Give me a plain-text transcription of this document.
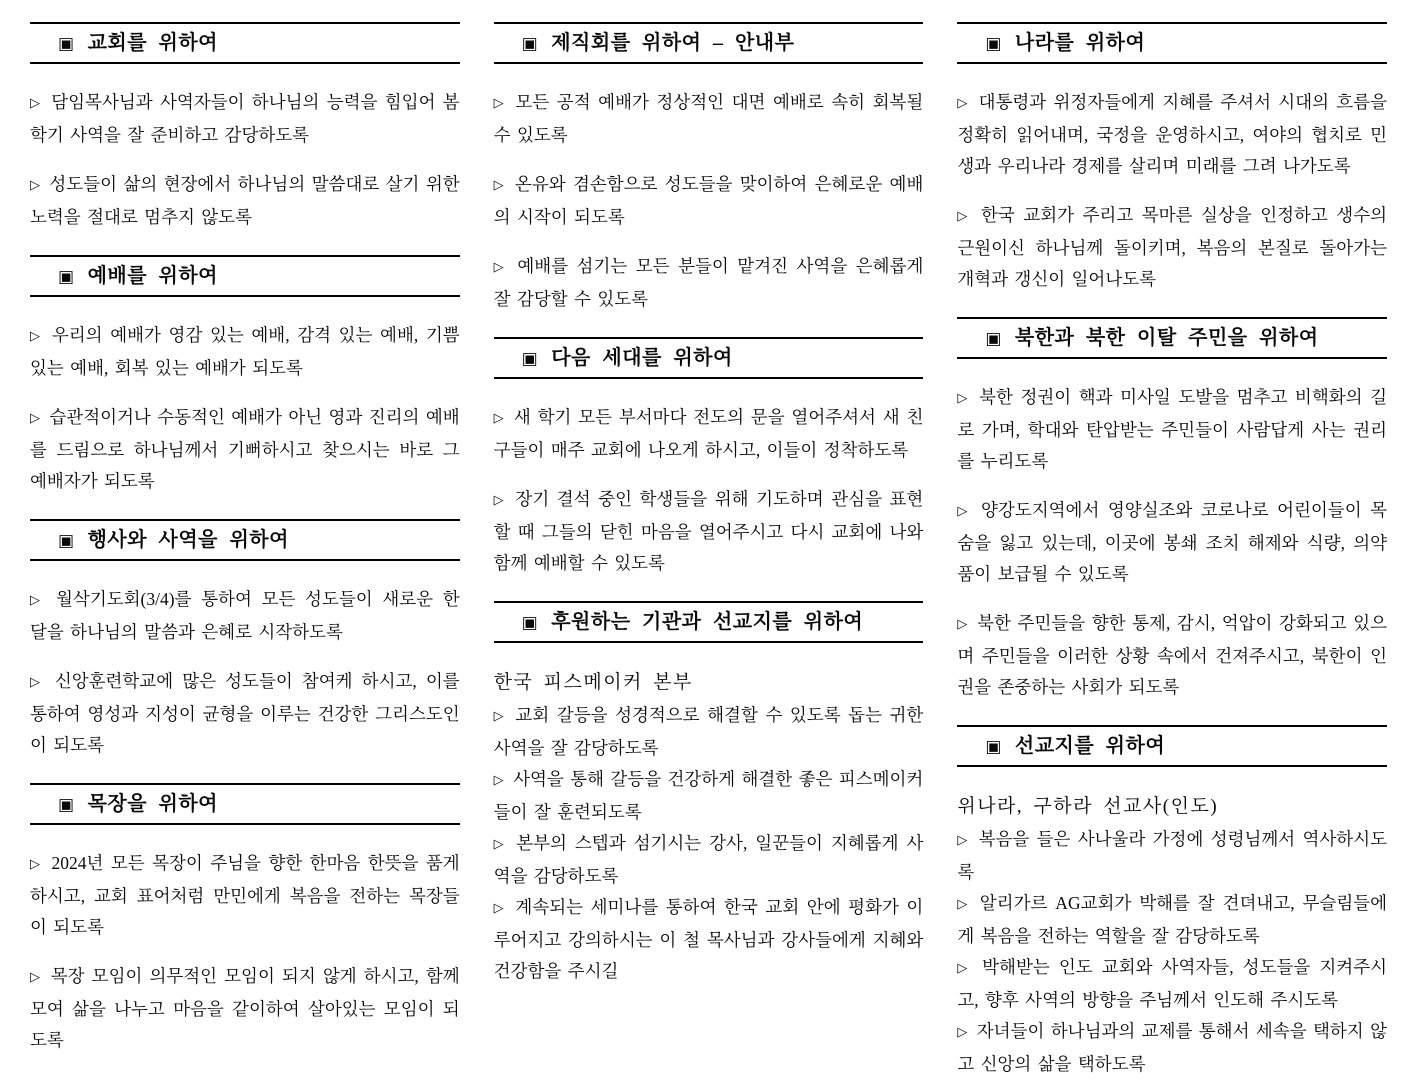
▣ 교회를 위하여

▷ 담임목사님과 사역자들이 하나님의 능력을 힘입어 봄학기 사역을 잘 준비하고 감당하도록

▷ 성도들이 삶의 현장에서 하나님의 말씀대로 살기 위한 노력을 절대로 멈추지 않도록

▣ 예배를 위하여

▷ 우리의 예배가 영감 있는 예배, 감격 있는 예배, 기쁨 있는 예배, 회복 있는 예배가 되도록

▷ 습관적이거나 수동적인 예배가 아닌 영과 진리의 예배를 드림으로 하나님께서 기뻐하시고 찾으시는 바로 그 예배자가 되도록

▣ 행사와 사역을 위하여

▷ 월삭기도회(3/4)를 통하여 모든 성도들이 새로운 한 달을 하나님의 말씀과 은혜로 시작하도록

▷ 신앙훈련학교에 많은 성도들이 참여케 하시고, 이를 통하여 영성과 지성이 균형을 이루는 건강한 그리스도인이 되도록

▣ 목장을 위하여

▷ 2024년 모든 목장이 주님을 향한 한마음 한뜻을 품게 하시고, 교회 표어처럼 만민에게 복음을 전하는 목장들이 되도록

▷ 목장 모임이 의무적인 모임이 되지 않게 하시고, 함께 모여 삶을 나누고 마음을 같이하여 살아있는 모임이 되도록

▣ 제직회를 위하여 – 안내부

▷ 모든 공적 예배가 정상적인 대면 예배로 속히 회복될 수 있도록

▷ 온유와 겸손함으로 성도들을 맞이하여 은혜로운 예배의 시작이 되도록

▷ 예배를 섬기는 모든 분들이 맡겨진 사역을 은혜롭게 잘 감당할 수 있도록

▣ 다음 세대를 위하여

▷ 새 학기 모든 부서마다 전도의 문을 열어주셔서 새 친구들이 매주 교회에 나오게 하시고, 이들이 정착하도록

▷ 장기 결석 중인 학생들을 위해 기도하며 관심을 표현할 때 그들의 닫힌 마음을 열어주시고 다시 교회에 나와 함께 예배할 수 있도록

▣ 후원하는 기관과 선교지를 위하여

한국 피스메이커 본부

▷ 교회 갈등을 성경적으로 해결할 수 있도록 돕는 귀한 사역을 잘 감당하도록

▷ 사역을 통해 갈등을 건강하게 해결한 좋은 피스메이커들이 잘 훈련되도록

▷ 본부의 스텝과 섬기시는 강사, 일꾼들이 지혜롭게 사역을 감당하도록

▷ 계속되는 세미나를 통하여 한국 교회 안에 평화가 이루어지고 강의하시는 이 철 목사님과 강사들에게 지혜와 건강함을 주시길

▣ 나라를 위하여

▷ 대통령과 위정자들에게 지혜를 주셔서 시대의 흐름을 정확히 읽어내며, 국정을 운영하시고, 여야의 협치로 민생과 우리나라 경제를 살리며 미래를 그려 나가도록

▷ 한국 교회가 주리고 목마른 실상을 인정하고 생수의 근원이신 하나님께 돌이키며, 복음의 본질로 돌아가는 개혁과 갱신이 일어나도록

▣ 북한과 북한 이탈 주민을 위하여

▷ 북한 정권이 핵과 미사일 도발을 멈추고 비핵화의 길로 가며, 학대와 탄압받는 주민들이 사람답게 사는 권리를 누리도록

▷ 양강도지역에서 영양실조와 코로나로 어린이들이 목숨을 잃고 있는데, 이곳에 봉쇄 조치 해제와 식량, 의약품이 보급될 수 있도록

▷ 북한 주민들을 향한 통제, 감시, 억압이 강화되고 있으며 주민들을 이러한 상황 속에서 건져주시고, 북한이 인권을 존중하는 사회가 되도록

▣ 선교지를 위하여

위나라, 구하라 선교사(인도)

▷ 복음을 들은 사나울라 가정에 성령님께서 역사하시도록

▷ 알리가르 AG교회가 박해를 잘 견뎌내고, 무슬림들에게 복음을 전하는 역할을 잘 감당하도록

▷ 박해받는 인도 교회와 사역자들, 성도들을 지켜주시고, 향후 사역의 방향을 주님께서 인도해 주시도록

▷ 자녀들이 하나님과의 교제를 통해서 세속을 택하지 않고 신앙의 삶을 택하도록
